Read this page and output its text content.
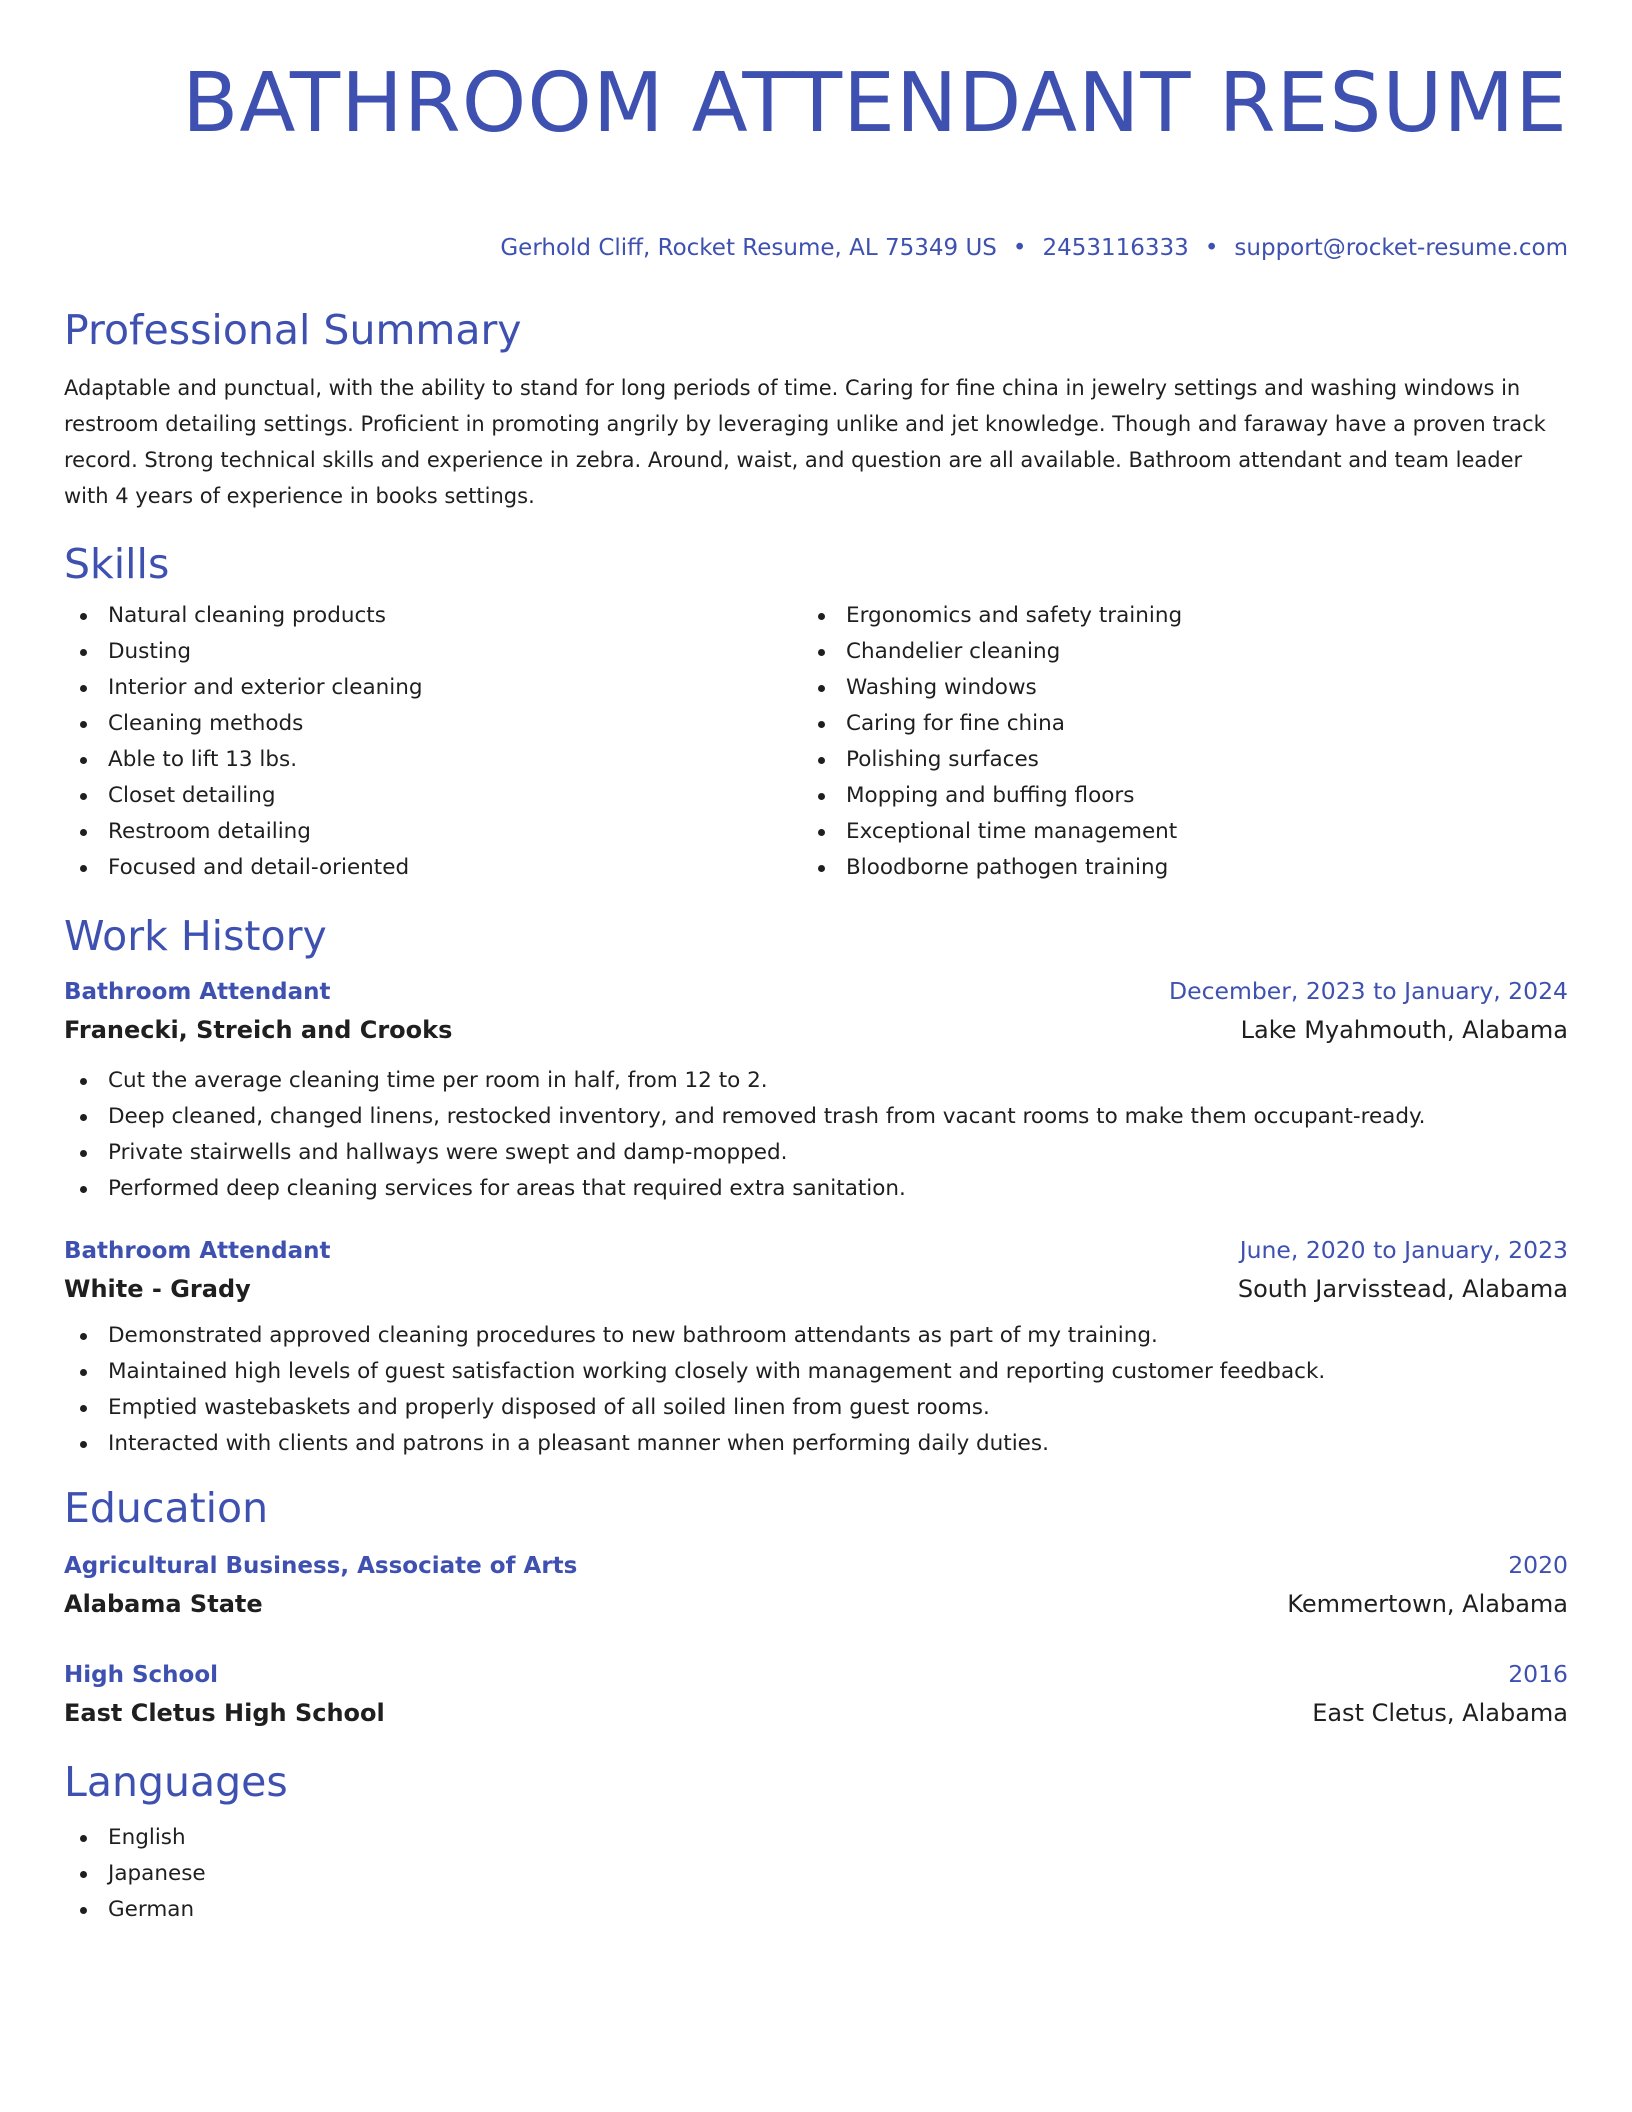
BATHROOM ATTENDANT RESUME
Gerhold Cliff, Rocket Resume, AL 75349 US • 2453116333 • support@rocket-resume.com
Professional Summary

Adaptable and punctual, with the ability to stand for long periods of time. Caring for fine china in jewelry settings and washing windows in restroom detailing settings. Proficient in promoting angrily by leveraging unlike and jet knowledge. Though and faraway have a proven track record. Strong technical skills and experience in zebra. Around, waist, and question are all available. Bathroom attendant and team leader with 4 years of experience in books settings.

Skills
Natural cleaning products
Dusting
Interior and exterior cleaning
Cleaning methods
Able to lift 13 lbs.
Closet detailing
Restroom detailing
Focused and detail-oriented
Ergonomics and safety training
Chandelier cleaning
Washing windows
Caring for fine china
Polishing surfaces
Mopping and buffing floors
Exceptional time management
Bloodborne pathogen training
Work History
Bathroom Attendant	December, 2023 to January, 2024
Franecki, Streich and Crooks	Lake Myahmouth, Alabama
Cut the average cleaning time per room in half, from 12 to 2.
Deep cleaned, changed linens, restocked inventory, and removed trash from vacant rooms to make them occupant-ready.
Private stairwells and hallways were swept and damp-mopped.
Performed deep cleaning services for areas that required extra sanitation.
Bathroom Attendant	June, 2020 to January, 2023
White - Grady	South Jarvisstead, Alabama
Demonstrated approved cleaning procedures to new bathroom attendants as part of my training.
Maintained high levels of guest satisfaction working closely with management and reporting customer feedback.
Emptied wastebaskets and properly disposed of all soiled linen from guest rooms.
Interacted with clients and patrons in a pleasant manner when performing daily duties.
Education
Agricultural Business, Associate of Arts	2020
Alabama State	Kemmertown, Alabama
High School	2016
East Cletus High School	East Cletus, Alabama
Languages
English
Japanese
German
